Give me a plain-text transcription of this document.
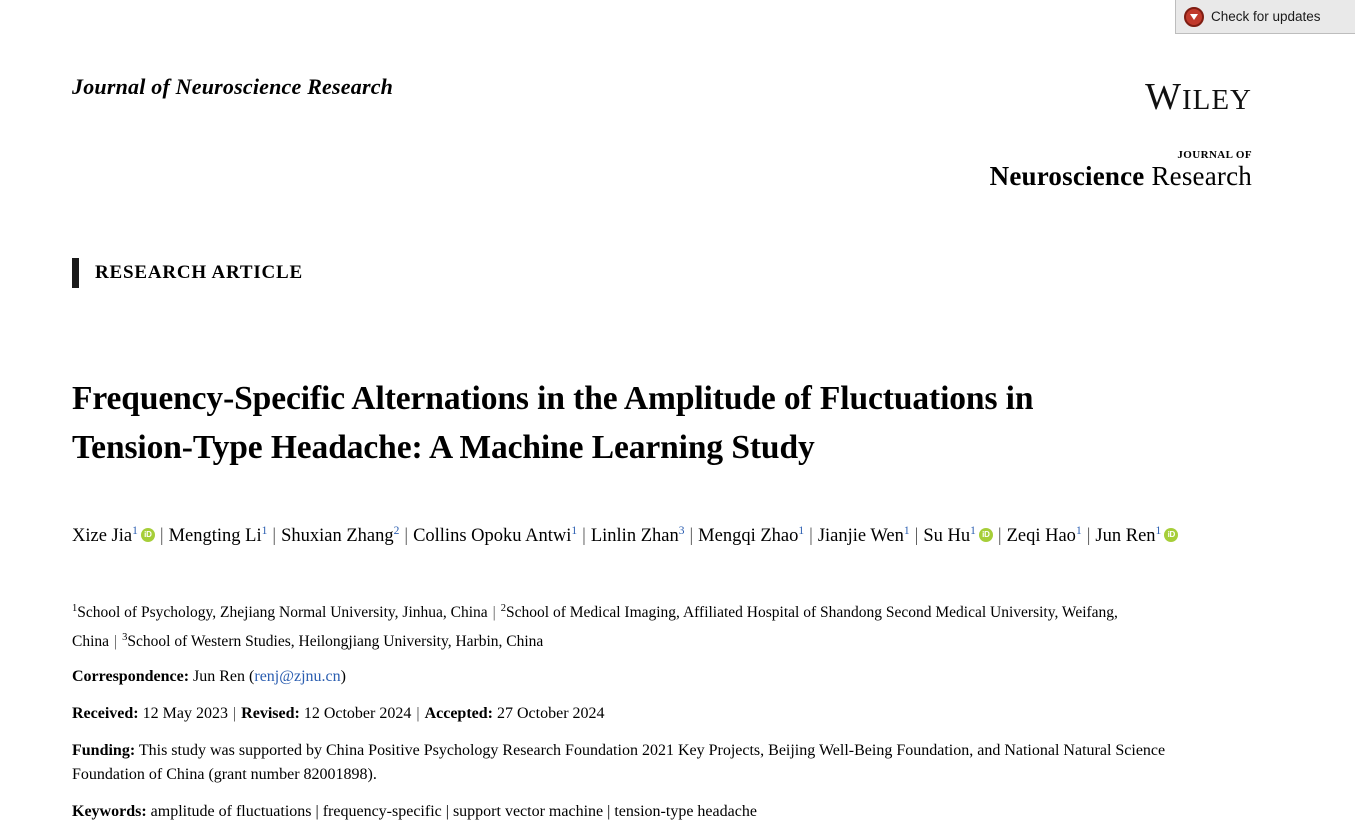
Check for updates
Journal of Neuroscience Research	WILEY
JOURNAL OF
Neuroscience Research
RESEARCH ARTICLE
Frequency-Specific Alternations in the Amplitude of Fluctuations in Tension-Type Headache: A Machine Learning Study
Xize Jia$^1$ iD | Mengting Li$^1$ | Shuxian Zhang$^2$ | Collins Opoku Antwi$^1$ | Linlin Zhan$^3$ | Mengqi Zhao$^1$ | Jianjie Wen$^1$ | Su Hu$^1$ iD | Zeqi Hao$^1$ | Jun Ren$^1$iD
$^1$School of Psychology, Zhejiang Normal University, Jinhua, China | $^2$School of Medical Imaging, Affiliated Hospital of Shandong Second Medical University, Weifang, China | $^3$School of Western Studies, Heilongjiang University, Harbin, China
Correspondence: Jun Ren (renj@zjnu.cn)
Received: 12 May 2023 | Revised: 12 October 2024 | Accepted: 27 October 2024
Funding: This study was supported by China Positive Psychology Research Foundation 2021 Key Projects, Beijing Well-Being Foundation, and National Natural Science Foundation of China (grant number 82001898).
Keywords: amplitude of fluctuations | frequency-specific | support vector machine | tension-type headache
